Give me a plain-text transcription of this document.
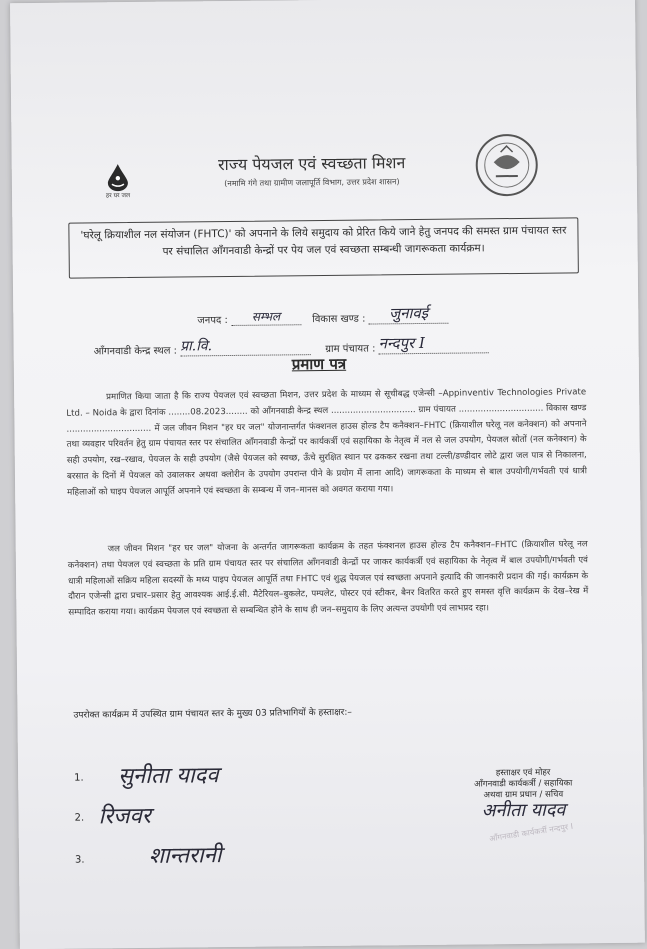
हर घर जल
राज्य पेयजल एवं स्वच्छता मिशन
(नमामि गंगे तथा ग्रामीण जलापूर्ति विभाग, उत्तर प्रदेश शासन)
'घरेलू क्रियाशील नल संयोजन (FHTC)' को अपनाने के लिये समुदाय को प्रेरित किये जाने हेतु जनपद की समस्त ग्राम पंचायत स्तर पर संचालित आँगनवाडी केन्द्रों पर पेय जल एवं स्वच्छता सम्बन्धी जागरूकता कार्यक्रम।
जनपद : सम्भल	विकास खण्ड : जुनावई
आँगनवाडी केन्द्र स्थल : प्रा.वि.	ग्राम पंचायत : नन्दपुर I
प्रमाण पत्र
प्रमाणित किया जाता है कि राज्य पेयजल एवं स्वच्छता मिशन, उत्तर प्रदेश के माध्यम से सूचीबद्ध एजेन्सी –Appinventiv Technologies Private Ltd. – Noida के द्वारा दिनांक ........08.2023........ को आँगनवाडी केन्द्र स्थल ............................... ग्राम पंचायत ............................... विकास खण्ड ............................... में जल जीवन मिशन "हर घर जल" योजनान्तर्गत फंक्शनल हाउस होल्ड टैप कनैक्शन–FHTC (क्रियाशील घरेलू नल कनेक्शन) को अपनाने तथा व्यवहार परिवर्तन हेतु ग्राम पंचायत स्तर पर संचालित आँगनवाडी केन्द्रों पर कार्यकर्त्री एवं सहायिका के नेतृत्व में नल से जल उपयोग, पेयजल स्रोतों (नल कनेक्शन) के सही उपयोग, रख–रखाव, पेयजल के सही उपयोग (जैसे पेयजल को स्वच्छ, ऊँचे सुरक्षित स्थान पर ढककर रखना तथा टल्ली/डण्डीदार लोटे द्वारा जल पात्र से निकालना, बरसात के दिनों में पेयजल को उबालकर अथवा क्लोरीन के उपयोग उपरान्त पीने के प्रयोग में लाना आदि) जागरूकता के माध्यम से बाल उपयोगी/गर्भवती एवं धात्री महिलाओं को घाइप पेयजल आपूर्ति अपनाने एवं स्वच्छता के सम्बन्ध में जन–मानस को अवगत कराया गया।
जल जीवन मिशन "हर घर जल" योजना के अन्तर्गत जागरूकता कार्यक्रम के तहत फंक्शनल हाउस होल्ड टैप कनैक्शन–FHTC (क्रियाशील घरेलू नल कनेक्शन) तथा पेयजल एवं स्वच्छता के प्रति ग्राम पंचायत स्तर पर संचालित आँगनवाडी केन्द्रों पर जाकर कार्यकर्त्री एवं सहायिका के नेतृत्व में बाल उपयोगी/गर्भवती एवं धात्री महिलाओं सक्रिय महिला सदस्यों के मध्य पाइप पेयजल आपूर्ति तथा FHTC एवं शुद्ध पेयजल एवं स्वच्छता अपनाने इत्यादि की जानकारी प्रदान की गई। कार्यक्रम के दौरान एजेन्सी द्वारा प्रचार–प्रसार हेतु आवश्यक आई.ई.सी. मैटेरियल–बुकलेट, पम्पलेट, पोस्टर एवं स्टीकर, बैनर वितरित करते हुए समस्त वृत्ति कार्यक्रम के देख–रेख में सम्पादित कराया गया। कार्यक्रम पेयजल एवं स्वच्छता से सम्बन्धित होने के साथ ही जन–समुदाय के लिए अत्यन्त उपयोगी एवं लाभप्रद रहा।
उपरोक्त कार्यक्रम में उपस्थित ग्राम पंचायत स्तर के मुख्य 03 प्रतिभागियों के हस्ताक्षर:–
1. सुनीता यादव
2. रिजवर
3.	शान्तरानी
हस्ताक्षर एवं मोहर
आँगनवाडी कार्यकर्त्री / सहायिका
अथवा ग्राम प्रधान / सचिव
अनीता यादव
आँगनवाडी कार्यकर्त्री नन्दपुर I
